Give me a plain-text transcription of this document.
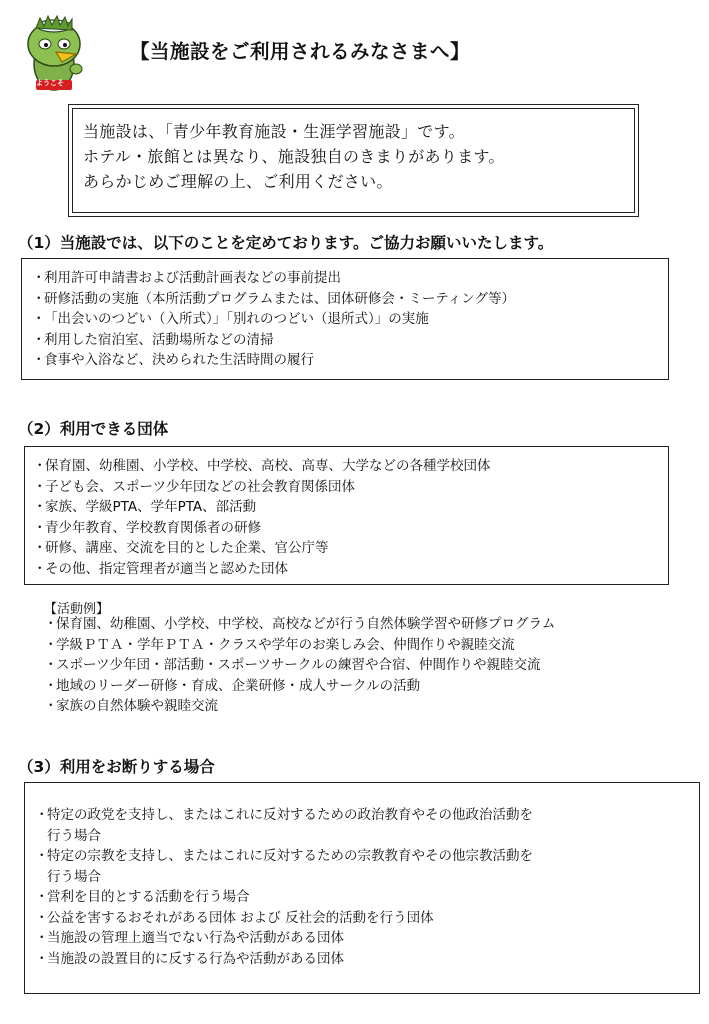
ようこそ
【当施設をご利用されるみなさまへ】
当施設は、「青少年教育施設・生涯学習施設」です。
ホテル・旅館とは異なり、施設独自のきまりがあります。
あらかじめご理解の上、ご利用ください。
（1）当施設では、以下のことを定めております。ご協力お願いいたします。
・利用許可申請書および活動計画表などの事前提出
・研修活動の実施（本所活動プログラムまたは、団体研修会・ミーティング等）
・「出会いのつどい（入所式）」「別れのつどい（退所式）」の実施
・利用した宿泊室、活動場所などの清掃
・食事や入浴など、決められた生活時間の履行
（2）利用できる団体
・保育園、幼稚園、小学校、中学校、高校、高専、大学などの各種学校団体
・子ども会、スポーツ少年団などの社会教育関係団体
・家族、学級PTA、学年PTA、部活動
・青少年教育、学校教育関係者の研修
・研修、講座、交流を目的とした企業、官公庁等
・その他、指定管理者が適当と認めた団体
【活動例】
・保育園、幼稚園、小学校、中学校、高校などが行う自然体験学習や研修プログラム
・学級ＰＴＡ・学年ＰＴＡ・クラスや学年のお楽しみ会、仲間作りや親睦交流
・スポーツ少年団・部活動・スポーツサークルの練習や合宿、仲間作りや親睦交流
・地域のリーダー研修・育成、企業研修・成人サークルの活動
・家族の自然体験や親睦交流
（3）利用をお断りする場合
・特定の政党を支持し、またはこれに反対するための政治教育やその他政治活動を
行う場合
・特定の宗教を支持し、またはこれに反対するための宗教教育やその他宗教活動を
行う場合
・営利を目的とする活動を行う場合
・公益を害するおそれがある団体 および 反社会的活動を行う団体
・当施設の管理上適当でない行為や活動がある団体
・当施設の設置目的に反する行為や活動がある団体
